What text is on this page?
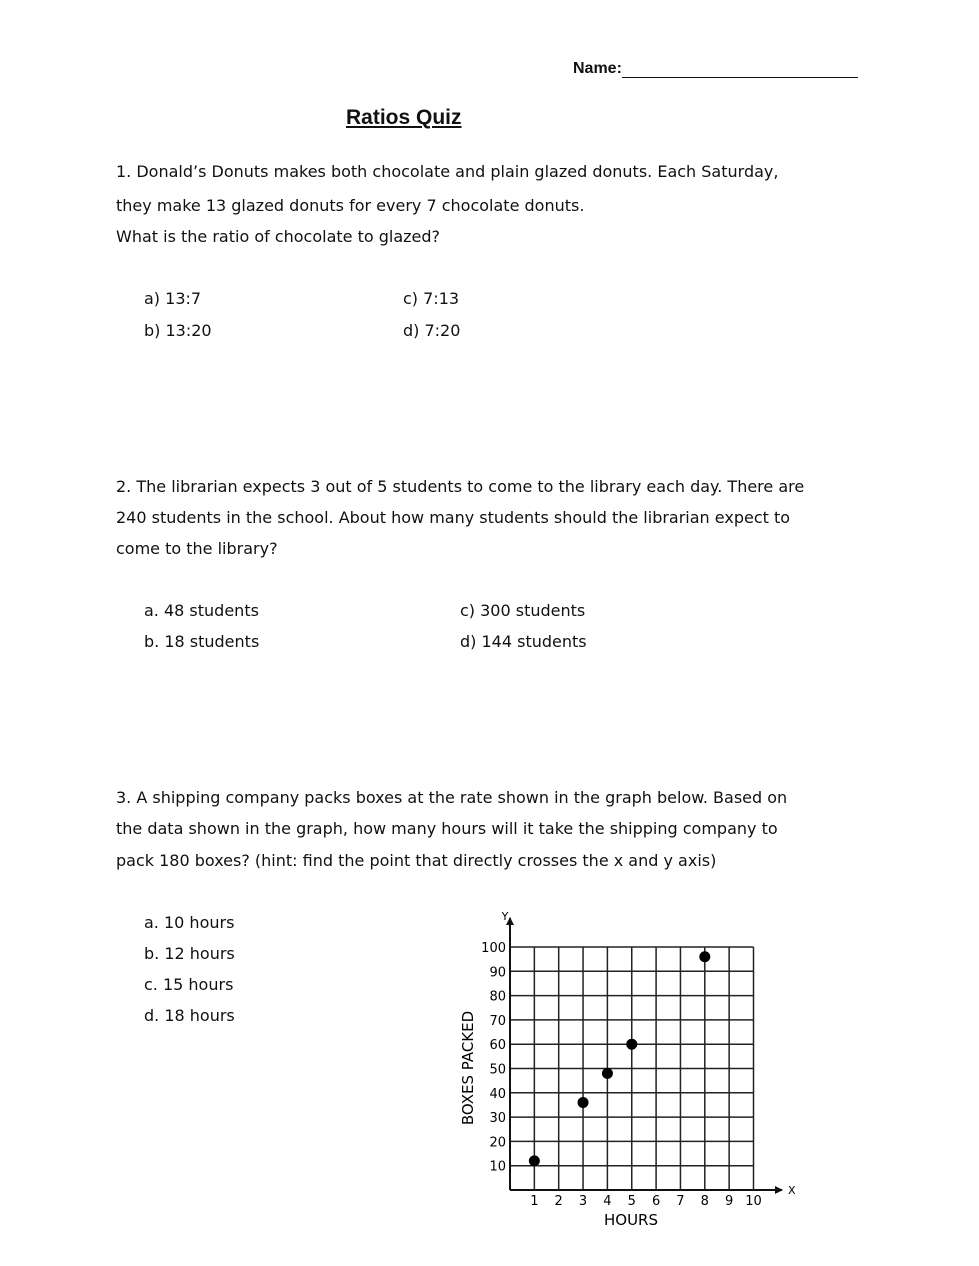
Name:
Ratios Quiz
1. Donald’s Donuts makes both chocolate and plain glazed donuts. Each Saturday,
they make 13 glazed donuts for every 7 chocolate donuts.
What is the ratio of chocolate to glazed?
a) 13:7
b) 13:20
c) 7:13
d) 7:20
2. The librarian expects 3 out of 5 students to come to the library each day. There are
240 students in the school. About how many students should the librarian expect to
come to the library?
a. 48 students
b. 18 students
c) 300 students
d) 144 students
3. A shipping company packs boxes at the rate shown in the graph below. Based on
the data shown in the graph, how many hours will it take the shipping company to
pack 180 boxes? (hint: find the point that directly crosses the x and y axis)
a. 10 hours
b. 12 hours
c. 15 hours
d. 18 hours
1 2 3 4 5 6 7 8 9 10
10
20
30
40
50
60
70
80
90
100
Y
X
HOURS
BOXES PACKED
